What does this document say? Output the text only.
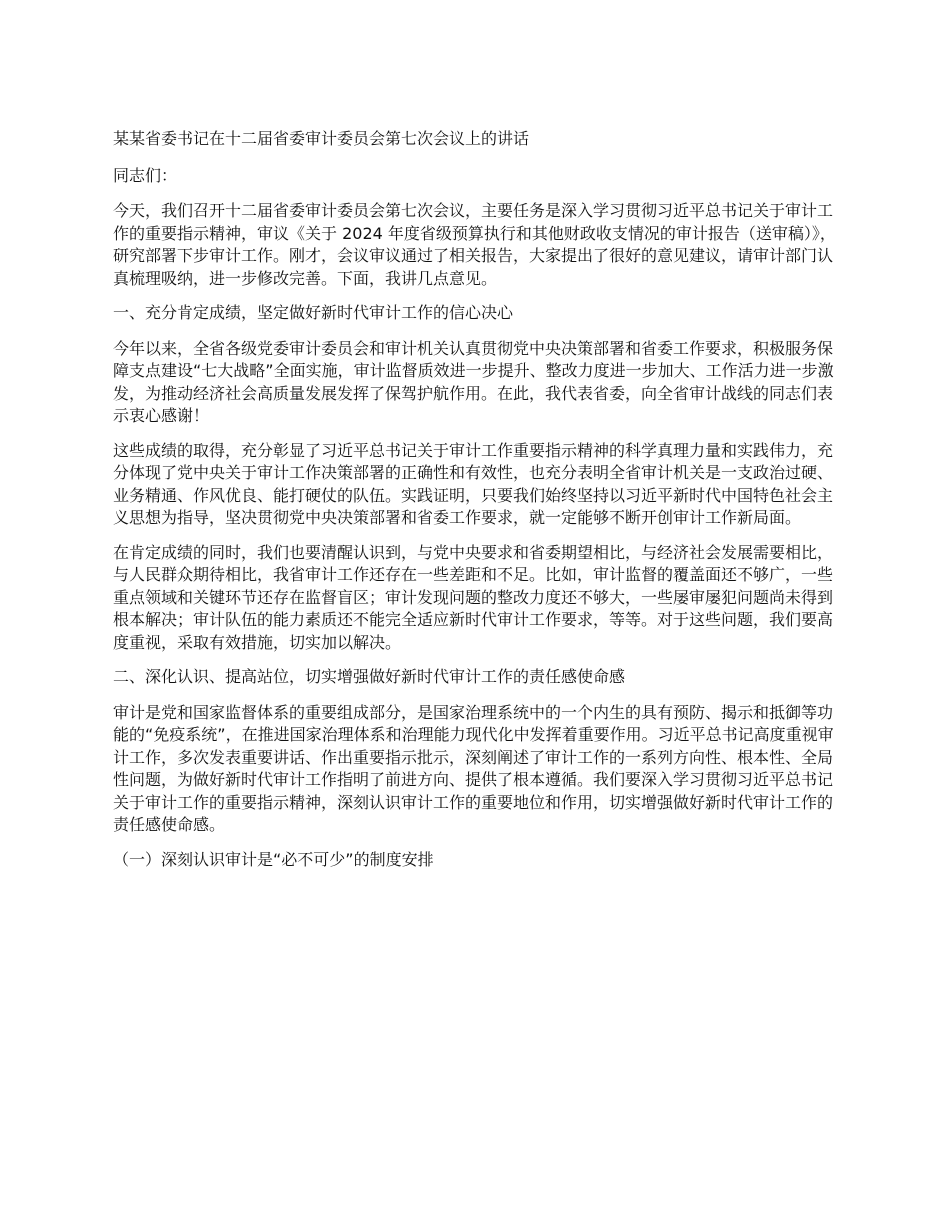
某某省委书记在十二届省委审计委员会第七次会议上的讲话

同志们：

今天，我们召开十二届省委审计委员会第七次会议，主要任务是深入学习贯彻习近平总书记关于审计工作的重要指示精神，审议《关于 2024 年度省级预算执行和其他财政收支情况的审计报告（送审稿）》，研究部署下步审计工作。刚才，会议审议通过了相关报告，大家提出了很好的意见建议，请审计部门认真梳理吸纳，进一步修改完善。下面，我讲几点意见。

一、充分肯定成绩，坚定做好新时代审计工作的信心决心

今年以来，全省各级党委审计委员会和审计机关认真贯彻党中央决策部署和省委工作要求，积极服务保障支点建设“七大战略”全面实施，审计监督质效进一步提升、整改力度进一步加大、工作活力进一步激发，为推动经济社会高质量发展发挥了保驾护航作用。在此，我代表省委，向全省审计战线的同志们表示衷心感谢！

这些成绩的取得，充分彰显了习近平总书记关于审计工作重要指示精神的科学真理力量和实践伟力，充分体现了党中央关于审计工作决策部署的正确性和有效性，也充分表明全省审计机关是一支政治过硬、业务精通、作风优良、能打硬仗的队伍。实践证明，只要我们始终坚持以习近平新时代中国特色社会主义思想为指导，坚决贯彻党中央决策部署和省委工作要求，就一定能够不断开创审计工作新局面。

在肯定成绩的同时，我们也要清醒认识到，与党中央要求和省委期望相比，与经济社会发展需要相比，与人民群众期待相比，我省审计工作还存在一些差距和不足。比如，审计监督的覆盖面还不够广，一些重点领域和关键环节还存在监督盲区；审计发现问题的整改力度还不够大，一些屡审屡犯问题尚未得到根本解决；审计队伍的能力素质还不能完全适应新时代审计工作要求，等等。对于这些问题，我们要高度重视，采取有效措施，切实加以解决。

二、深化认识、提高站位，切实增强做好新时代审计工作的责任感使命感

审计是党和国家监督体系的重要组成部分，是国家治理系统中的一个内生的具有预防、揭示和抵御等功能的“免疫系统”，在推进国家治理体系和治理能力现代化中发挥着重要作用。习近平总书记高度重视审计工作，多次发表重要讲话、作出重要指示批示，深刻阐述了审计工作的一系列方向性、根本性、全局性问题，为做好新时代审计工作指明了前进方向、提供了根本遵循。我们要深入学习贯彻习近平总书记关于审计工作的重要指示精神，深刻认识审计工作的重要地位和作用，切实增强做好新时代审计工作的责任感使命感。

（一）深刻认识审计是“必不可少”的制度安排
